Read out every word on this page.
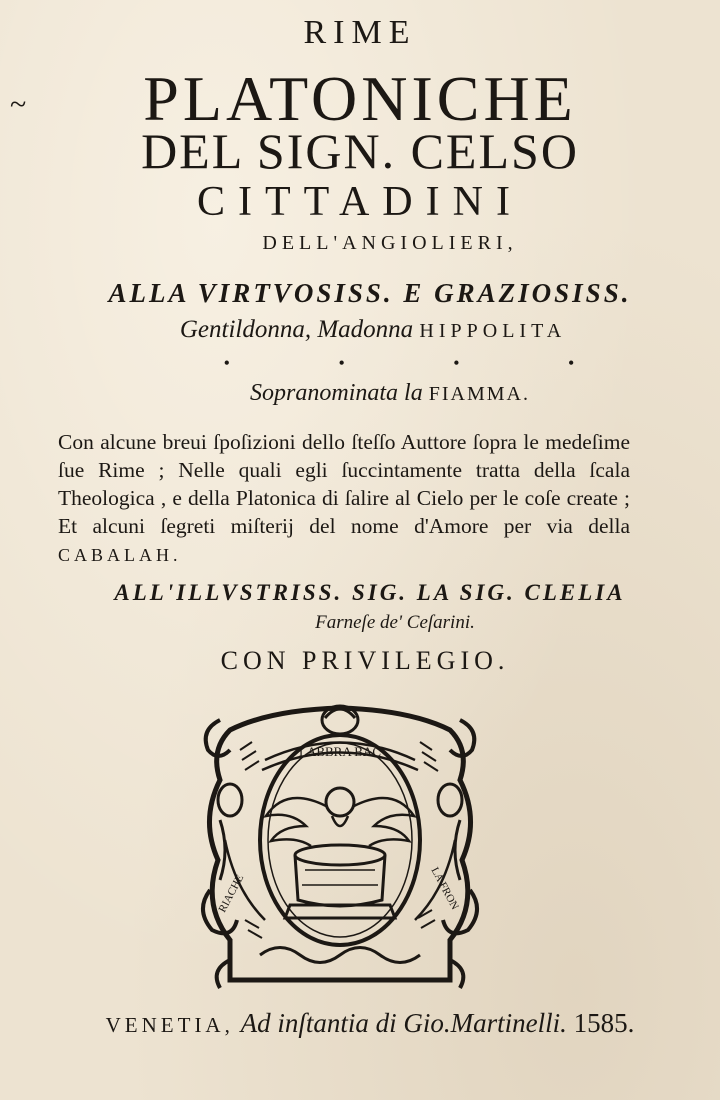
RIME
~	PLATONICHE
DEL SIGN. CELSO
CITTADINI
DELL'ANGIOLIERI,
ALLA VIRTVOSISS. E GRAZIOSISS.
Gentildonna, Madonna HIPPOLITA
• • • •
Sopranominata la FIAMMA.
Con alcune breui ſpoſizioni dello ſteſſo Auttore ſopra le medeſime ſue Rime ; Nelle quali egli ſuccintamente tratta della ſcala Theologica , e della Platonica di ſalire al Cielo per le coſe create ; Et alcuni ſegreti miſterij del nome d'Amore per via della CABALAH.
ALL'ILLVSTRISS. SIG. LA SIG. CLELIA
Farneſe de' Ceſarini.
CON PRIVILEGIO.
LABBRA BAC
RIACHE	LA FRON
VENETIA, Ad inſtantia di Gio.Martinelli. 1585.
